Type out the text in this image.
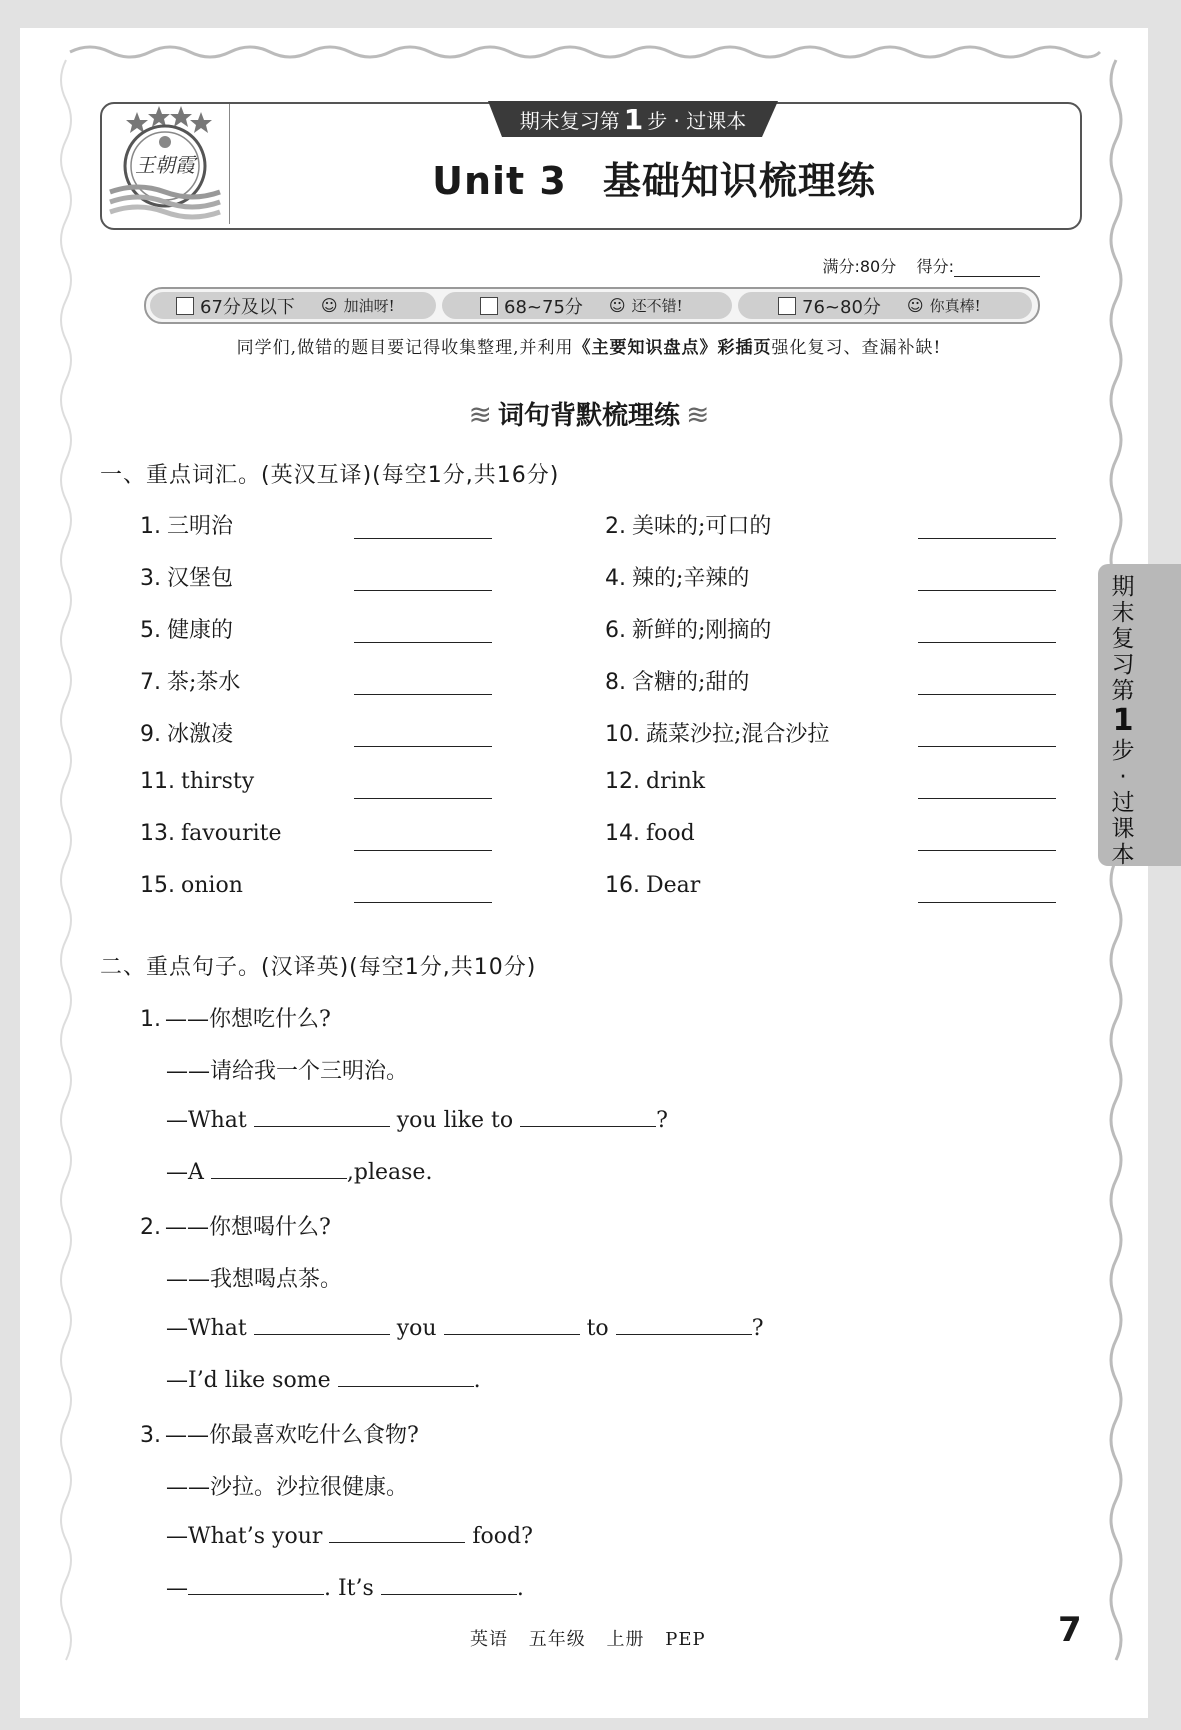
王朝霞
期末复习第 1 步 · 过课本
Unit 3 基础知识梳理练
满分:80分 得分:
67分及以下 ☺ 加油呀!	68~75分 ☺ 还不错!	76~80分 ☺ 你真棒!
同学们,做错的题目要记得收集整理,并利用《主要知识盘点》彩插页强化复习、查漏补缺!
≋ 词句背默梳理练 ≋
一、重点词汇。(英汉互译)(每空1分,共16分)
1. 三明治	2. 美味的;可口的
3. 汉堡包	4. 辣的;辛辣的
5. 健康的	6. 新鲜的;刚摘的
7. 茶;茶水	8. 含糖的;甜的
9. 冰激凌	10. 蔬菜沙拉;混合沙拉
11. thirsty	12. drink
13. favourite	14. food
15. onion	16. Dear
二、重点句子。(汉译英)(每空1分,共10分)
1. ——你想吃什么?
——请给我一个三明治。
—What	you like to	?
—A	,please.
2. ——你想喝什么?
——我想喝点茶。
—What	you	to	?
—I’d like some	.
3. ——你最喜欢吃什么食物?
——沙拉。沙拉很健康。
—What’s your	food?
—	. It’s	.
期
末
复
习
第
1
步
·
过
课
本
英语 五年级 上册 PEP	7
